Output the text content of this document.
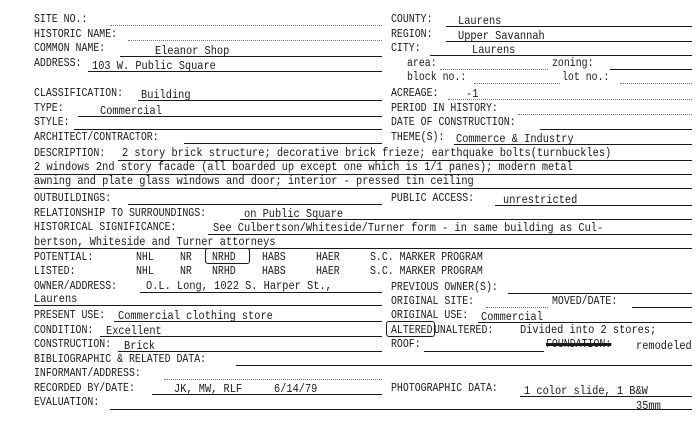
SITE NO.:	COUNTY: Laurens
HISTORIC NAME:	REGION: Upper Savannah
COMMON NAME:	Eleanor Shop	CITY:	Laurens
ADDRESS: 103 W. Public Square	area:	zoning:
block no.:	lot no.:
CLASSIFICATION: Building	ACREAGE: -1
TYPE:	Commercial	PERIOD IN HISTORY:
STYLE:	DATE OF CONSTRUCTION:
ARCHITECT/CONTRACTOR:	THEME(S): Commerce & Industry
DESCRIPTION: 2 story brick structure; decorative brick frieze; earthquake bolts(turnbuckles)
2 windows 2nd story facade (all boarded up except one which is 1/1 panes); modern metal
awning and plate glass windows and door; interior - pressed tin ceiling
OUTBUILDINGS:	PUBLIC ACCESS: unrestricted
RELATIONSHIP TO SURROUNDINGS:	on Public Square
HISTORICAL SIGNIFICANCE:	See Culbertson/Whiteside/Turner form - in same building as Cul-
bertson, Whiteside and Turner attorneys
POTENTIAL:	NHL NR NRHD HABS	HAER	S.C. MARKER PROGRAM
LISTED:	NHL NR NRHD HABS	HAER	S.C. MARKER PROGRAM
OWNER/ADDRESS: O.L. Long, 1022 S. Harper St.,
Laurens
PREVIOUS OWNER(S):
ORIGINAL SITE:	MOVED/DATE:
PRESENT USE: Commercial clothing store	ORIGINAL USE: Commercial
CONDITION: Excellent	ALTERED UNALTERED: Divided into 2 stores;
CONSTRUCTION: Brick	ROOF:	FOUNDATION: remodeled
BIBLIOGRAPHIC & RELATED DATA:
INFORMANT/ADDRESS:
RECORDED BY/DATE:	JK, MW, RLF	6/14/79	PHOTOGRAPHIC DATA: 1 color slide, 1 B&W
35mm
EVALUATION:
